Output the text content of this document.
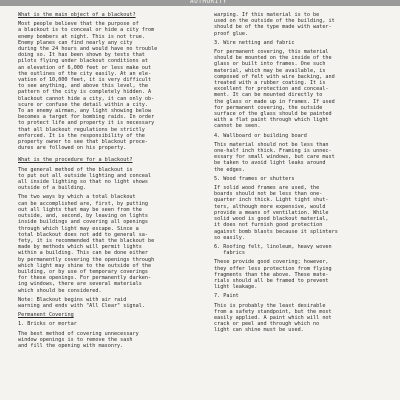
AUTHORITY
What is the main object of a blackout?
Most people believe that the purpose of
a blackout is to conceal or hide a city from
enemy bombers at night. This is not true.
Enemy planes can find nearly any city
during the 24 hours and would have no trouble
doing so. It has been shown by tests that
pilots flying under blackout conditions at
an elevation of 6,000 feet or less make out
the outlines of the city easily. At an ele-
vation of 10,000 feet, it is very difficult
to see anything, and above this level, the
pattern of the city is completely hidden. A
blackout cannot hide a city, it can only ob-
scure or confuse the detail within a city.
To an enemy airman, any light showing below
becomes a target for bombing raids. In order
to protect life and property it is necessary
that all blackout regulations be strictly
enforced. It is the responsibility of the
property owner to see that blackout proce-
dures are followed on his property.
What is the procedure for a blackout?
The general method of the blackout is
to put out all outside lighting and conceal
all inside lighting so that no light shows
outside of a building.
The two ways by which a total blackout
can be accomplished are, first, by putting
out all lights that may be seen from the
outside, and, second, by leaving on lights
inside buildings and covering all openings
through which light may escape. Since a
total blackout does not add to general sa-
fety, it is recommended that the blackout be
made by methods which will permit lights
within a building. This can be done either
by permanently covering the openings through
which light may shine to the outside of the
building, or by use of temporary coverings
for these openings. For permanently darken-
ing windows, there are several materials
which should be considered.
Note: Blackout begins with air raid
warning and ends with "All Clear" signal.
Permanent Covering
1. Bricks or mortar
The best method of covering unnecessary
window openings is to remove the sash
and fill the opening with masonry.
warping. If this material is to be
used on the outside of the building, it
should be of the type made with water-
proof glue.
3. Wire netting and fabric
For permanent covering, this material
should be mounted on the inside of the
glass or built into frames. One such
material, which may be available, is
composed of felt with wire backing, and
treated with a rubber coating. It is
excellent for protection and conceal-
ment. It can be mounted directly to
the glass or made up in frames. If used
for permanent covering, the outside
surface of the glass should be painted
with a flat paint through which light
cannot be seen.
4. Wallboard or building board
This material should not be less than
one-half inch thick. Framing is unnec-
essary for small windows, but care must
be taken to avoid light leaks around
the edges.
5. Wood frames or shutters
If solid wood frames are used, the
boards should not be less than one-
quarter inch thick. Light tight shut-
ters, although more expensive, would
provide a means of ventilation. While
solid wood is good blackout material,
it does not furnish good protection
against bomb blasts because it splinters
so easily.
6. Roofing felt, linoleum, heavy woven
fabrics
These provide good covering; however,
they offer less protection from flying
fragments than the above. These mate-
rials should all be framed to prevent
light leakage.
7. Paint
This is probably the least desirable
from a safety standpoint, but the most
easily applied. A paint which will not
crack or peel and through which no
light can shine must be used.
